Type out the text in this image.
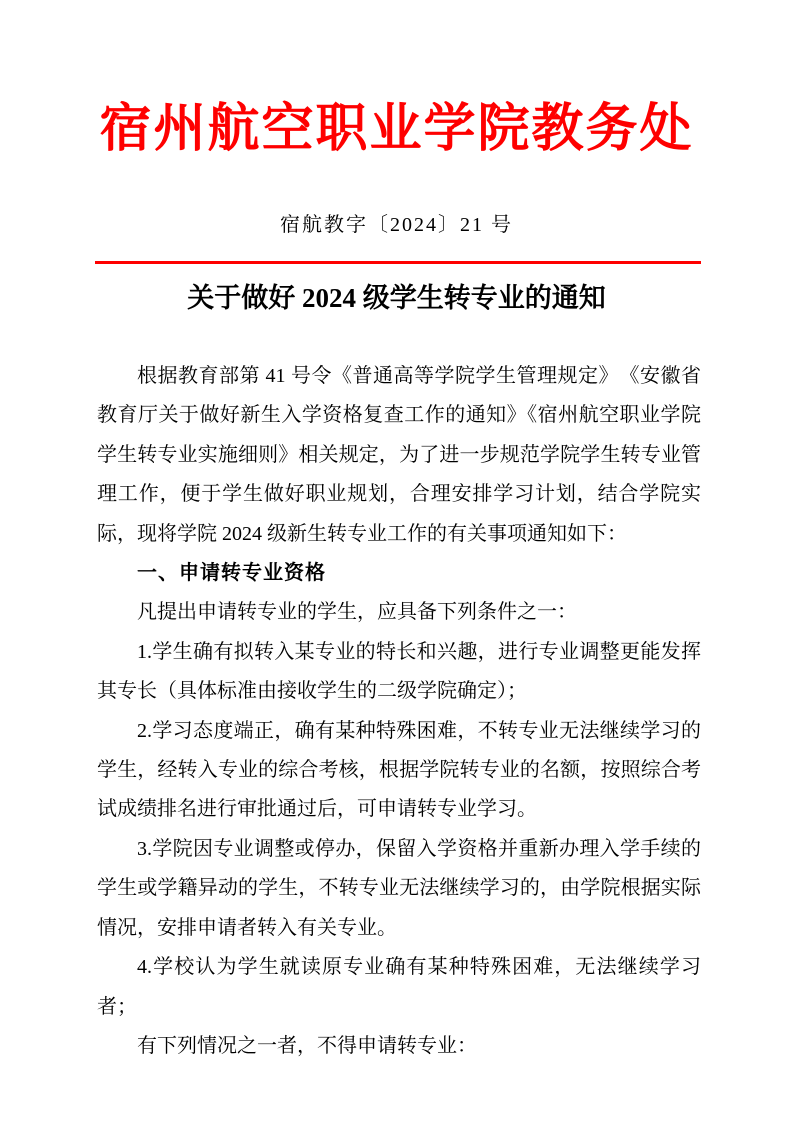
宿州航空职业学院教务处
宿航教字〔2024〕21 号
关于做好 2024 级学生转专业的通知

根据教育部第 41 号令《普通高等学院学生管理规定》　《安徽省教育厅关于做好新生入学资格复查工作的通知》《宿州航空职业学院学生转专业实施细则》相关规定，为了进一步规范学院学生转专业管理工作，便于学生做好职业规划，合理安排学习计划，结合学院实际，现将学院 2024 级新生转专业工作的有关事项通知如下：

一、申请转专业资格

凡提出申请转专业的学生，应具备下列条件之一：

1.学生确有拟转入某专业的特长和兴趣，进行专业调整更能发挥其专长（具体标准由接收学生的二级学院确定）；

2.学习态度端正，确有某种特殊困难，不转专业无法继续学习的学生，经转入专业的综合考核，根据学院转专业的名额，按照综合考试成绩排名进行审批通过后，可申请转专业学习。

3.学院因专业调整或停办，保留入学资格并重新办理入学手续的学生或学籍异动的学生，不转专业无法继续学习的，由学院根据实际情况，安排申请者转入有关专业。

4.学校认为学生就读原专业确有某种特殊困难，无法继续学习者；

有下列情况之一者，不得申请转专业：
